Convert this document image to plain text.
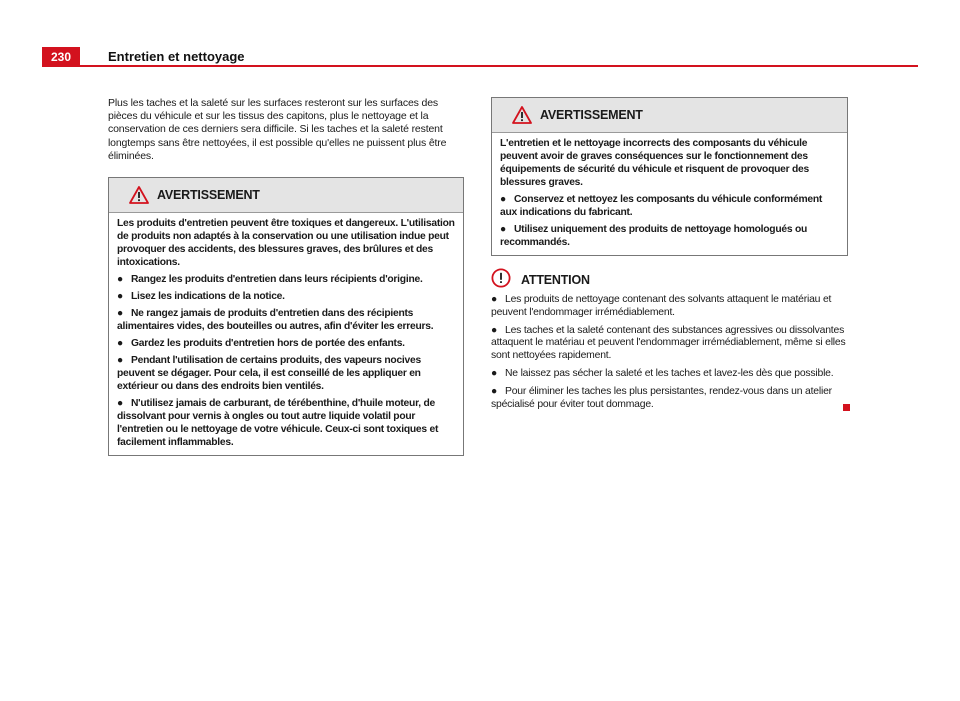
230	Entretien et nettoyage

Plus les taches et la saleté sur les surfaces resteront sur les surfaces des pièces du véhicule et sur les tissus des capitons, plus le nettoyage et la conservation de ces derniers sera difficile. Si les taches et la saleté restent longtemps sans être nettoyées, il est possible qu'elles ne puissent plus être éliminées.

AVERTISSEMENT

Les produits d'entretien peuvent être toxiques et dangereux. L'utilisation de produits non adaptés à la conservation ou une utilisation indue peut provoquer des accidents, des blessures graves, des brûlures et des intoxications.

● Rangez les produits d'entretien dans leurs récipients d'origine.

● Lisez les indications de la notice.

● Ne rangez jamais de produits d'entretien dans des récipients alimentaires vides, des bouteilles ou autres, afin d'éviter les erreurs.

● Gardez les produits d'entretien hors de portée des enfants.

● Pendant l'utilisation de certains produits, des vapeurs nocives peuvent se dégager. Pour cela, il est conseillé de les appliquer en extérieur ou dans des endroits bien ventilés.

● N'utilisez jamais de carburant, de térébenthine, d'huile moteur, de dissolvant pour vernis à ongles ou tout autre liquide volatil pour l'entretien ou le nettoyage de votre véhicule. Ceux-ci sont toxiques et facilement inflammables.

AVERTISSEMENT

L'entretien et le nettoyage incorrects des composants du véhicule peuvent avoir de graves conséquences sur le fonctionnement des équipements de sécurité du véhicule et risquent de provoquer des blessures graves.

● Conservez et nettoyez les composants du véhicule conformément aux indications du fabricant.

● Utilisez uniquement des produits de nettoyage homologués ou recommandés.

ATTENTION

● Les produits de nettoyage contenant des solvants attaquent le matériau et peuvent l'endommager irrémédiablement.

● Les taches et la saleté contenant des substances agressives ou dissolvantes attaquent le matériau et peuvent l'endommager irrémédiablement, même si elles sont nettoyées rapidement.

● Ne laissez pas sécher la saleté et les taches et lavez-les dès que possible.

● Pour éliminer les taches les plus persistantes, rendez-vous dans un atelier spécialisé pour éviter tout dommage.
